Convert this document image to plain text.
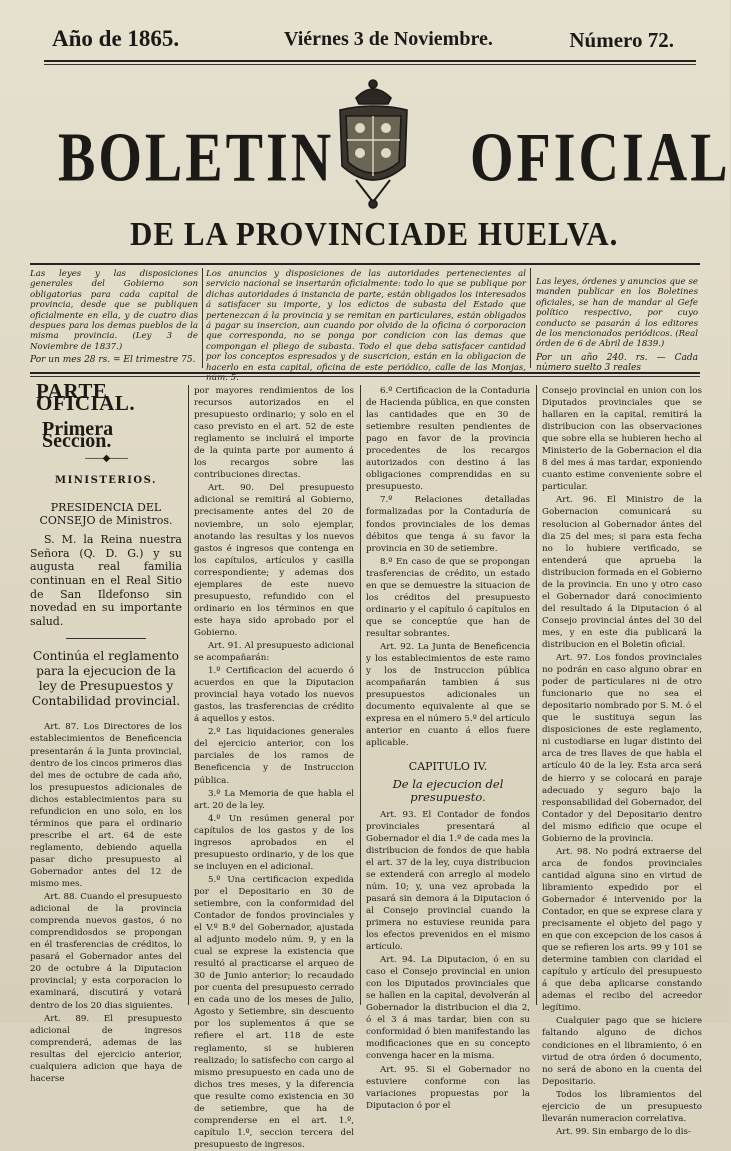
Año de 1865.	Viérnes 3 de Noviembre.	Número 72.
BOLETIN OFICIAL
DE LA PROVINCIADE HUELVA.
Las leyes y las disposiciones generales del Gobierno son obligatorias para cada capital de provincia, desde que se publiquen oficialmente en ella, y de cuatro dias despues para los demas pueblos de la misma provincia. (Ley 3 de Noviembre de 1837.)
Por un mes 28 rs. = El trimestre 75.
Los anuncios y disposiciones de las autoridades pertenecientes al servicio nacional se insertarán oficialmente: todo lo que se publique por dichas autoridades á instancia de parte, están obligados los interesados á satisfacer su importe, y los edictos de subasta del Estado que pertenezcan á la provincia y se remitan en particulares, están obligados á pagar su insercion, aun cuando por olvido de la oficina ó corporacion que corresponda, no se ponga por condicion con las demas que compongan el pliego de subasta. Todo el que deba satisfacer cantidad por los conceptos espresados y de suscricion, están en la obligacion de hacerlo en esta capital, oficina de este periódico, calle de las Monjas, núm. 5.
Las leyes, órdenes y anuncios que se manden publicar en los Boletines oficiales, se han de mandar al Gefe político respectivo, por cuyo conducto se pasarán á los editores de los mencionados periódicos. (Real órden de 6 de Abril de 1839.)
Por un año 240. rs. — Cada número suelto 3 reales
PARTE OFICIAL.
Primera Seccion.
——◆——
MINISTERIOS.
PRESIDENCIA DEL CONSEJO de Ministros.

S. M. la Reina nuestra Señora (Q. D. G.) y su augusta real familia continuan en el Real Sitio de San Ildefonso sin novedad en su importante salud.

Continúa el reglamento para la ejecucion de la ley de Presupuestos y Contabilidad provincial.

Art. 87. Los Directores de los establecimientos de Beneficencia presentarán á la Junta provincial, dentro de los cincos primeros dias del mes de octubre de cada año, los presupuestos adicionales de dichos establecimientos para su refundicion en uno solo, en los términos que para el ordinario prescribe el art. 64 de este reglamento, debiendo aquella pasar dicho presupuesto al Gobernador antes del 12 de mismo mes.

Art. 88. Cuando el presupuesto adicional de la provincia comprenda nuevos gastos, ó no comprendidosdos se propongan en él trasferencias de créditos, lo pasará el Gobernador antes del 20 de octubre á la Diputacion provincial; y esta corporacion lo examinará, discutirá y votará dentro de los 20 dias siguientes.

Art. 89. El presupuesto adicional de ingresos comprenderá, ademas de las resultas del ejercicio anterior, cualquiera adicion que haya de hacerse

por mayores rendimientos de los recursos autorizados en el presupuesto ordinario; y solo en el caso previsto en el art. 52 de este reglamento se incluirá el importe de la quinta parte por aumento á los recargos sobre las contribuciones directas.

Art. 90. Del presupuesto adicional se remitirá al Gobierno, precisamente antes del 20 de noviembre, un solo ejemplar, anotando las resultas y los nuevos gastos é ingresos que contenga en los capítulos, artículos y casilla correspondiente; y ademas dos ejemplares de este nuevo presupuesto, refundido con el ordinario en los términos en que este haya sido aprobado por el Gobierno.

Art. 91. Al presupuesto adicional se acompañarán:

1.º Certificacion del acuerdo ó acuerdos en que la Diputacion provincial haya votado los nuevos gastos, las trasferencias de crédito á aquellos y estos.

2.º Las liquidaciones generales del ejercicio anterior, con los parciales de los ramos de Beneficencia y de Instruccion pública.

3.º La Memoria de que habla el art. 20 de la ley.

4.º Un resúmen general por capítulos de los gastos y de los ingresos aprobados en el presupuesto ordinario, y de los que se incluyen en el adicional.

5.º Una certificacion expedida por el Depositario en 30 de setiembre, con la conformidad del Contador de fondos provinciales y el V.º B.º del Gobernador, ajustada al adjunto modelo núm. 9, y en la cual se exprese la existencia que resultó al practicarse el arqueo de 30 de Junio anterior; lo recaudado por cuenta del presupuesto cerrado en cada uno de los meses de Julio, Agosto y Setiembre, sin descuento por los suplementos á que se refiere el art. 118 de este reglamento, si se hubieren realizado; lo satisfecho con cargo al mismo presupuesto en cada uno de dichos tres meses, y la diferencia que resulte como existencia en 30 de setiembre, que ha de comprenderse en el art. 1.º, capítulo 1.º, seccion tercera del presupuesto de ingresos.

6.º Certificacion de la Contaduria de Hacienda pública, en que consten las cantidades que en 30 de setiembre resulten pendientes de pago en favor de la provincia procedentes de los recargos autorizados con destino á las obligaciones comprendidas en su presupuesto.

7.º Relaciones detalladas formalizadas por la Contaduría de fondos provinciales de los demas débitos que tenga á su favor la provincia en 30 de setiembre.

8.º En caso de que se propongan trasferencias de crédito, un estado en que se demuestre la situacion de los créditos del presupuesto ordinario y el capítulo ó capítulos en que se conceptúe que han de resultar sobrantes.

Art. 92. La Junta de Beneficencia y los establecimientos de este ramo y los de Instruccion pública acompañarán tambien á sus presupuestos adicionales un documento equivalente al que se expresa en el número 5.º del artículo anterior en cuanto á ellos fuere aplicable.

CAPITULO IV.
De la ejecucion del presupuesto.

Art. 93. El Contador de fondos provinciales presentará al Gobernador el dia 1.º de cada mes la distribucion de fondos de que habla el art. 37 de la ley, cuya distribucion se extenderá con arreglo al modelo núm. 10; y, una vez aprobada la pasará sin demora á la Diputacion ó al Consejo provincial cuando la primera no estuviese reunida para los efectos prevenidos en el mismo artículo.

Art. 94. La Diputacion, ó en su caso el Consejo provincial en union con los Diputados provinciales que se hallen en la capital, devolverán al Gobernador la distribucion el dia 2, ó el 3 á mas tardar, bien con su conformidad ó bien manifestando las modificaciones que en su concepto convenga hacer en la misma.

Art. 95. Si el Gobernador no estuviere conforme con las variaciones propuestas por la Diputacion ó por el

Consejo provincial en union con los Diputados provinciales que se hallaren en la capital, remitirá la distribucion con las observaciones que sobre ella se hubieren hecho al Ministerio de la Gobernacion el dia 8 del mes á mas tardar, exponiendo cuanto estime conveniente sobre el particular.

Art. 96. El Ministro de la Gobernacion comunicará su resolucion al Gobernador ántes del dia 25 del mes; si para esta fecha no lo hubiere verificado, se entenderá que aprueba la distribucion formada en el Gobierno de la provincia. En uno y otro caso el Gobernador dará conocimiento del resultado á la Diputacion ó al Consejo provincial ántes del 30 del mes, y en este dia publicará la distribucion en el Boletin oficial.

Art. 97. Los fondos provinciales no podrán en caso alguno obrar en poder de particulares ni de otro funcionario que no sea el depositario nombrado por S. M. ó el que le sustituya segun las disposiciones de este reglamento, ni custodiarse en lugar distinto del arca de tres llaves de que habla el artículo 40 de la ley. Esta arca será de hierro y se colocará en paraje adecuado y seguro bajo la responsabilidad del Gobernador, del Contador y del Depositario dentro del mismo edificio que ocupe el Gobierno de la provincia.

Art. 98. No podrá extraerse del arca de fondos provinciales cantidad alguna sino en virtud de libramiento expedido por el Gobernador é intervenido por la Contador, en que se exprese clara y precisamente el objeto del pago y en que con excepcion de los casos á que se refieren los arts. 99 y 101 se determine tambien con claridad el capítulo y artículo del presupuesto á que deba aplicarse constando ademas el recibo del acreedor legítimo.

Cualquier pago que se hiciere faltando alguno de dichos condiciones en el libramiento, ó en virtud de otra órden ó documento, no será de abono en la cuenta del Depositario.

Todos los libramientos del ejercicio de un presupuesto llevarán numeracion correlativa.

Art. 99. Sin embargo de lo dis-
